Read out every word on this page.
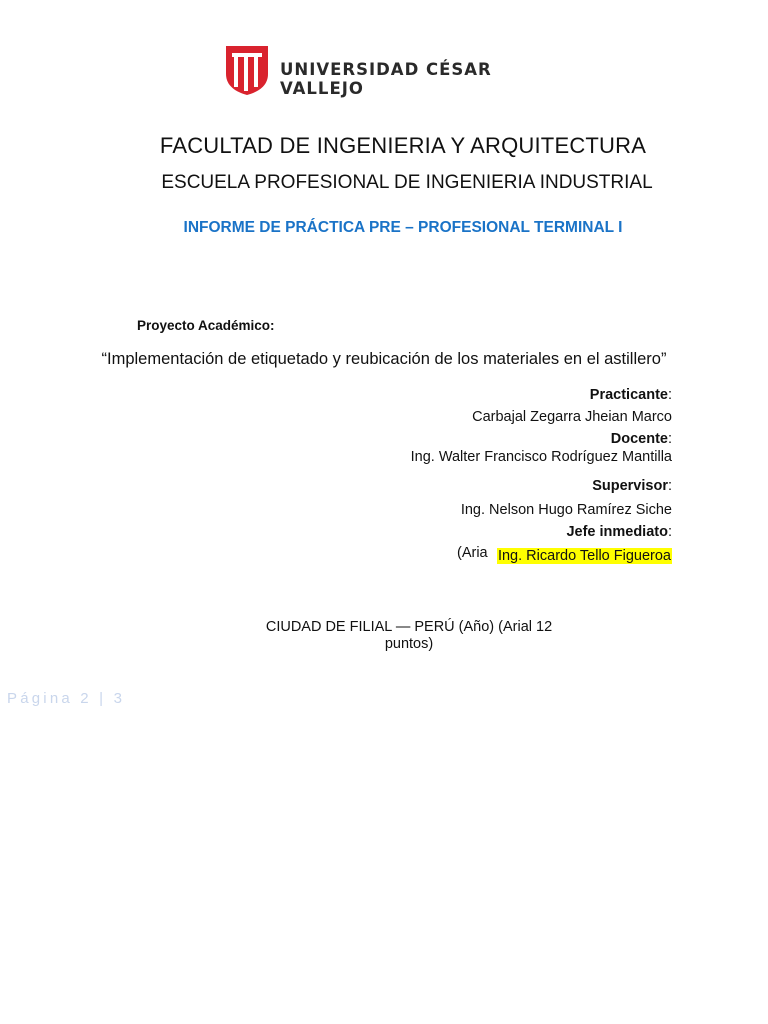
UNIVERSIDAD CÉSAR VALLEJO
FACULTAD DE INGENIERIA Y ARQUITECTURA
ESCUELA PROFESIONAL DE INGENIERIA INDUSTRIAL
INFORME DE PRÁCTICA PRE – PROFESIONAL TERMINAL I
Proyecto Académico:
“Implementación de etiquetado y reubicación de los materiales en el astillero”
Practicante:
Carbajal Zegarra Jheian Marco
Docente:
Ing. Walter Francisco Rodríguez Mantilla
Supervisor:
Ing. Nelson Hugo Ramírez Siche
Jefe inmediato:
(Aria Ing. Ricardo Tello Figueroa
CIUDAD DE FILIAL — PERÚ (Año) (Arial 12 puntos)
Página 2 | 3
